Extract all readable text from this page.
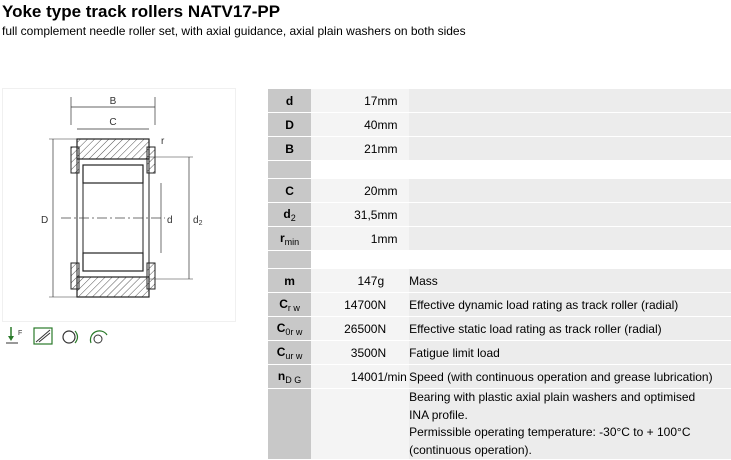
Yoke type track rollers NATV17-PP
full complement needle roller set, with axial guidance, axial plain washers on both sides
B
C
r
D	d $d_2$
F
d	17	mm	
D	40	mm	
B	21	mm	

C	20	mm	
$d_2$	31,5	mm	
$r_{min}$	1	mm	

m	147	g	Mass
$C_{r w}$	14700	N	Effective dynamic load rating as track roller (radial)
$C_{0r w}$	26500	N	Effective static load rating as track roller (radial)
$C_{ur w}$	3500	N	Fatigue limit load
$n_{D G}$	1400	1/min	Speed (with continuous operation and grease lubrication)

			Bearing with plastic axial plain washers and optimised
INA profile.
Permissible operating temperature: -30°C to + 100°C
(continuous operation).
